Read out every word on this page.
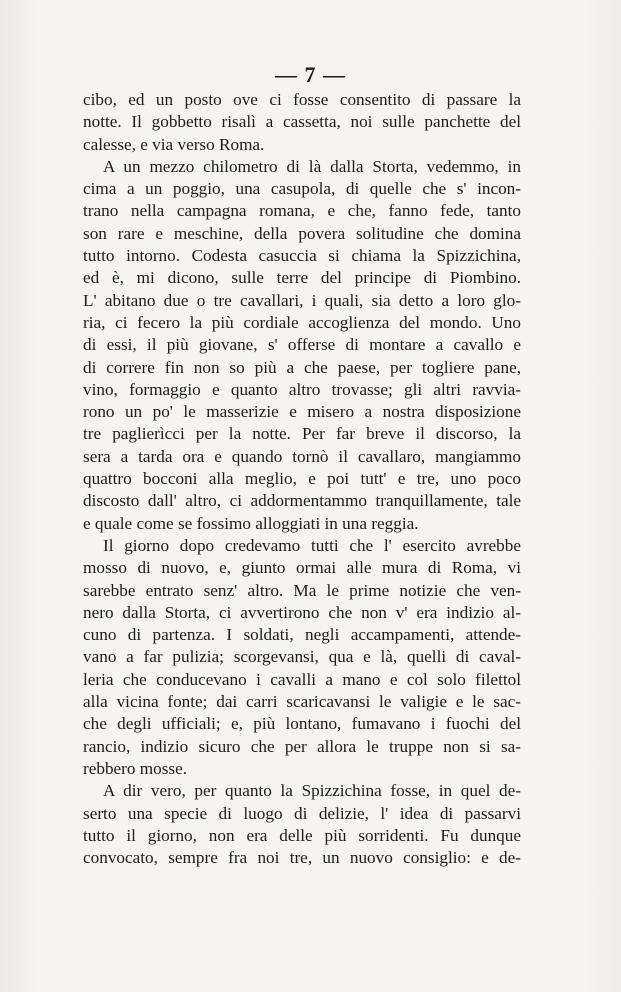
— 7 —
cibo, ed un posto ove ci fosse consentito di passare la
notte. Il gobbetto risalì a cassetta, noi sulle panchette del
calesse, e via verso Roma.
A un mezzo chilometro di là dalla Storta, vedemmo, in
cima a un poggio, una casupola, di quelle che s' incon-
trano nella campagna romana, e che, fanno fede, tanto
son rare e meschine, della povera solitudine che domina
tutto intorno. Codesta casuccia si chiama la Spizzichina,
ed è, mi dicono, sulle terre del principe di Piombino.
L' abitano due o tre cavallari, i quali, sia detto a loro glo-
ria, ci fecero la più cordiale accoglienza del mondo. Uno
di essi, il più giovane, s' offerse di montare a cavallo e
di correre fin non so più a che paese, per togliere pane,
vino, formaggio e quanto altro trovasse; gli altri ravvia-
rono un po' le masserizie e misero a nostra disposizione
tre paglierìcci per la notte. Per far breve il discorso, la
sera a tarda ora e quando tornò il cavallaro, mangiammo
quattro bocconi alla meglio, e poi tutt' e tre, uno poco
discosto dall' altro, ci addormentammo tranquillamente, tale
e quale come se fossimo alloggiati in una reggia.
Il giorno dopo credevamo tutti che l' esercito avrebbe
mosso di nuovo, e, giunto ormai alle mura di Roma, vi
sarebbe entrato senz' altro. Ma le prime notizie che ven-
nero dalla Storta, ci avvertirono che non v' era indizio al-
cuno di partenza. I soldati, negli accampamenti, attende-
vano a far pulizia; scorgevansi, qua e là, quelli di caval-
leria che conducevano i cavalli a mano e col solo filettol
alla vicina fonte; dai carri scaricavansi le valigie e le sac-
che degli ufficiali; e, più lontano, fumavano i fuochi del
rancio, indizio sicuro che per allora le truppe non si sa-
rebbero mosse.
A dir vero, per quanto la Spizzichina fosse, in quel de-
serto una specie di luogo di delizie, l' idea di passarvi
tutto il giorno, non era delle più sorridenti. Fu dunque
convocato, sempre fra noi tre, un nuovo consiglio: e de-
